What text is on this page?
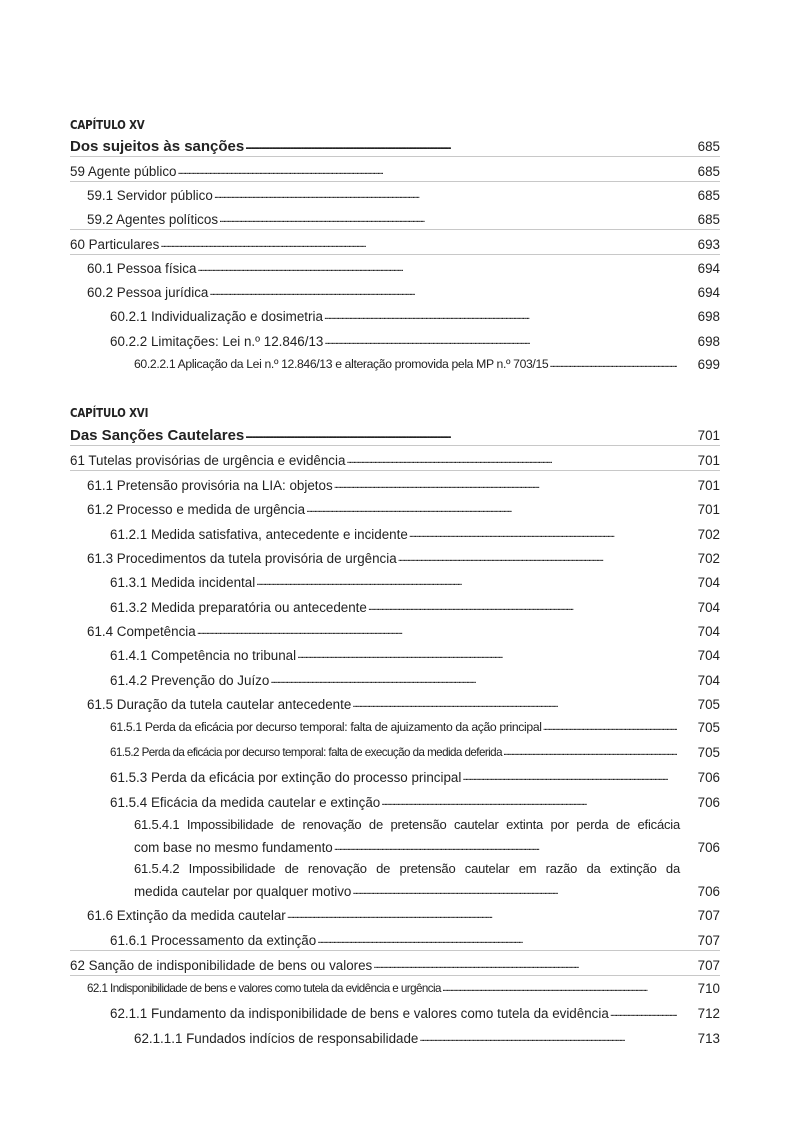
CAPÍTULO XV
Dos sujeitos às sanções . . .	685
59 Agente público . . .	685
59.1 Servidor público . . .	685
59.2 Agentes políticos . . .	685
60 Particulares . . .	693
60.1 Pessoa física . . .	694
60.2 Pessoa jurídica . . .	694
60.2.1 Individualização e dosimetria . . .	698
60.2.2 Limitações: Lei n.º 12.846/13 . . .	698
60.2.2.1 Aplicação da Lei n.º 12.846/13 e alteração promovida pela MP n.º 703/15 . . .	699
CAPÍTULO XVI
Das Sanções Cautelares . . .	701
61 Tutelas provisórias de urgência e evidência . . .	701
61.1 Pretensão provisória na LIA: objetos . . .	701
61.2 Processo e medida de urgência . . .	701
61.2.1 Medida satisfativa, antecedente e incidente . . .	702
61.3 Procedimentos da tutela provisória de urgência . . .	702
61.3.1 Medida incidental . . .	704
61.3.2 Medida preparatória ou antecedente . . .	704
61.4 Competência . . .	704
61.4.1 Competência no tribunal . . .	704
61.4.2 Prevenção do Juízo . . .	704
61.5 Duração da tutela cautelar antecedente . . .	705
61.5.1 Perda da eficácia por decurso temporal: falta de ajuizamento da ação principal . . .	705
61.5.2 Perda da eficácia por decurso temporal: falta de execução da medida deferida . . .	705
61.5.3 Perda da eficácia por extinção do processo principal . . .	706
61.5.4 Eficácia da medida cautelar e extinção . . .	706
61.5.4.1 Impossibilidade de renovação de pretensão cautelar extinta por perda de eficácia
com base no mesmo fundamento . . .	706
61.5.4.2 Impossibilidade de renovação de pretensão cautelar em razão da extinção da
medida cautelar por qualquer motivo . . .	706
61.6 Extinção da medida cautelar . . .	707
61.6.1 Processamento da extinção . . .	707
62 Sanção de indisponibilidade de bens ou valores . . .	707
62.1 Indisponibilidade de bens e valores como tutela da evidência e urgência . . .	710
62.1.1 Fundamento da indisponibilidade de bens e valores como tutela da evidência . . .	712
62.1.1.1 Fundados indícios de responsabilidade . . .	713
